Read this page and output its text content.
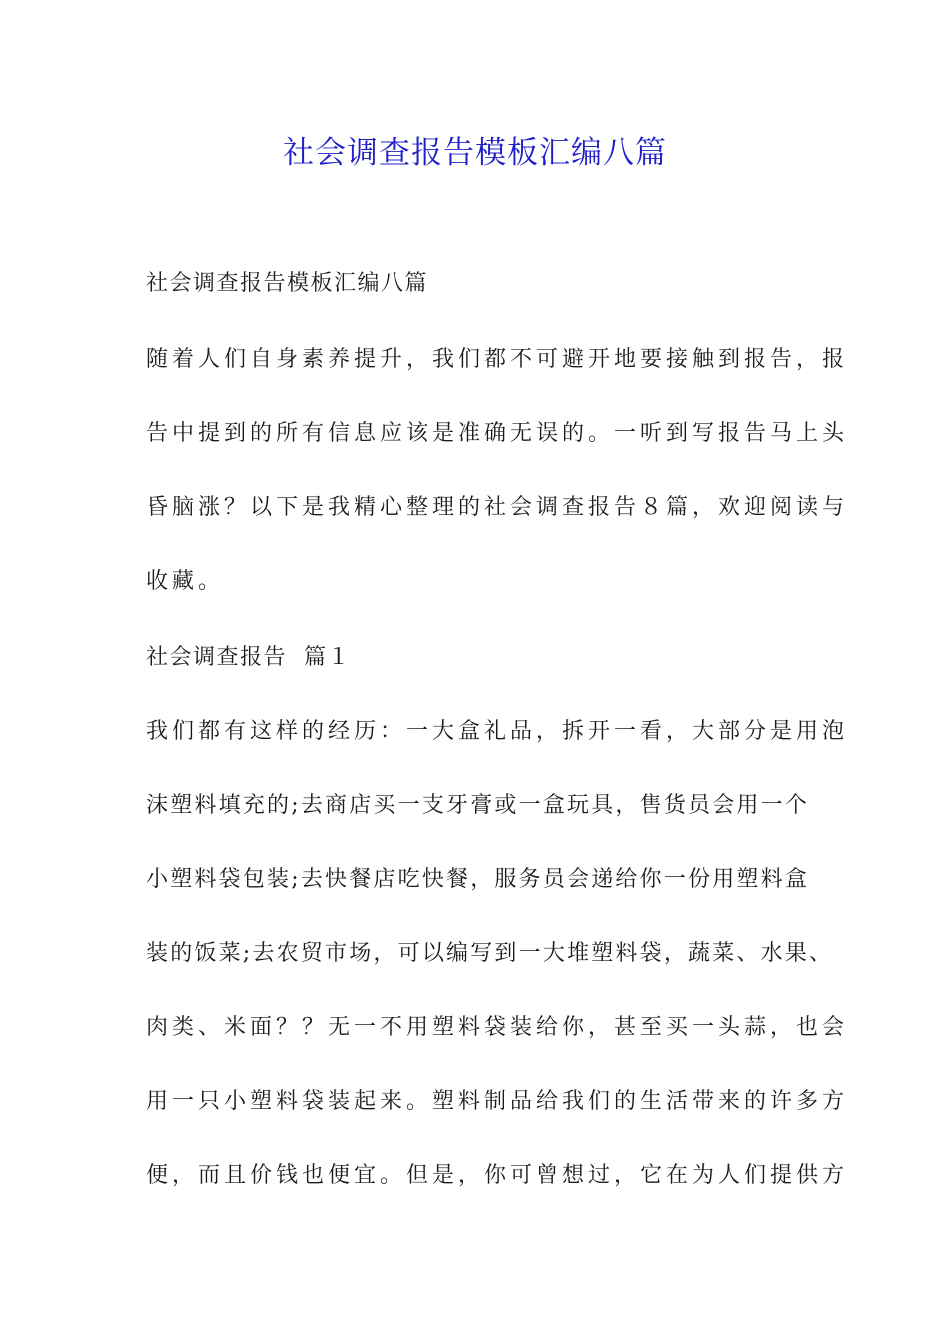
社会调查报告模板汇编八篇

社会调查报告模板汇编八篇

随着人们自身素养提升，我们都不可避开地要接触到报告，报

告中提到的所有信息应该是准确无误的。一听到写报告马上头

昏脑涨？以下是我精心整理的社会调查报告８篇，欢迎阅读与

收藏。

社会调查报告  篇１

我们都有这样的经历：一大盒礼品，拆开一看，大部分是用泡

沫塑料填充的;去商店买一支牙膏或一盒玩具，售货员会用一个

小塑料袋包装;去快餐店吃快餐，服务员会递给你一份用塑料盒

装的饭菜;去农贸市场，可以编写到一大堆塑料袋，蔬菜、水果、

肉类、米面？？无一不用塑料袋装给你，甚至买一头蒜，也会

用一只小塑料袋装起来。塑料制品给我们的生活带来的许多方

便，而且价钱也便宜。但是，你可曾想过，它在为人们提供方
